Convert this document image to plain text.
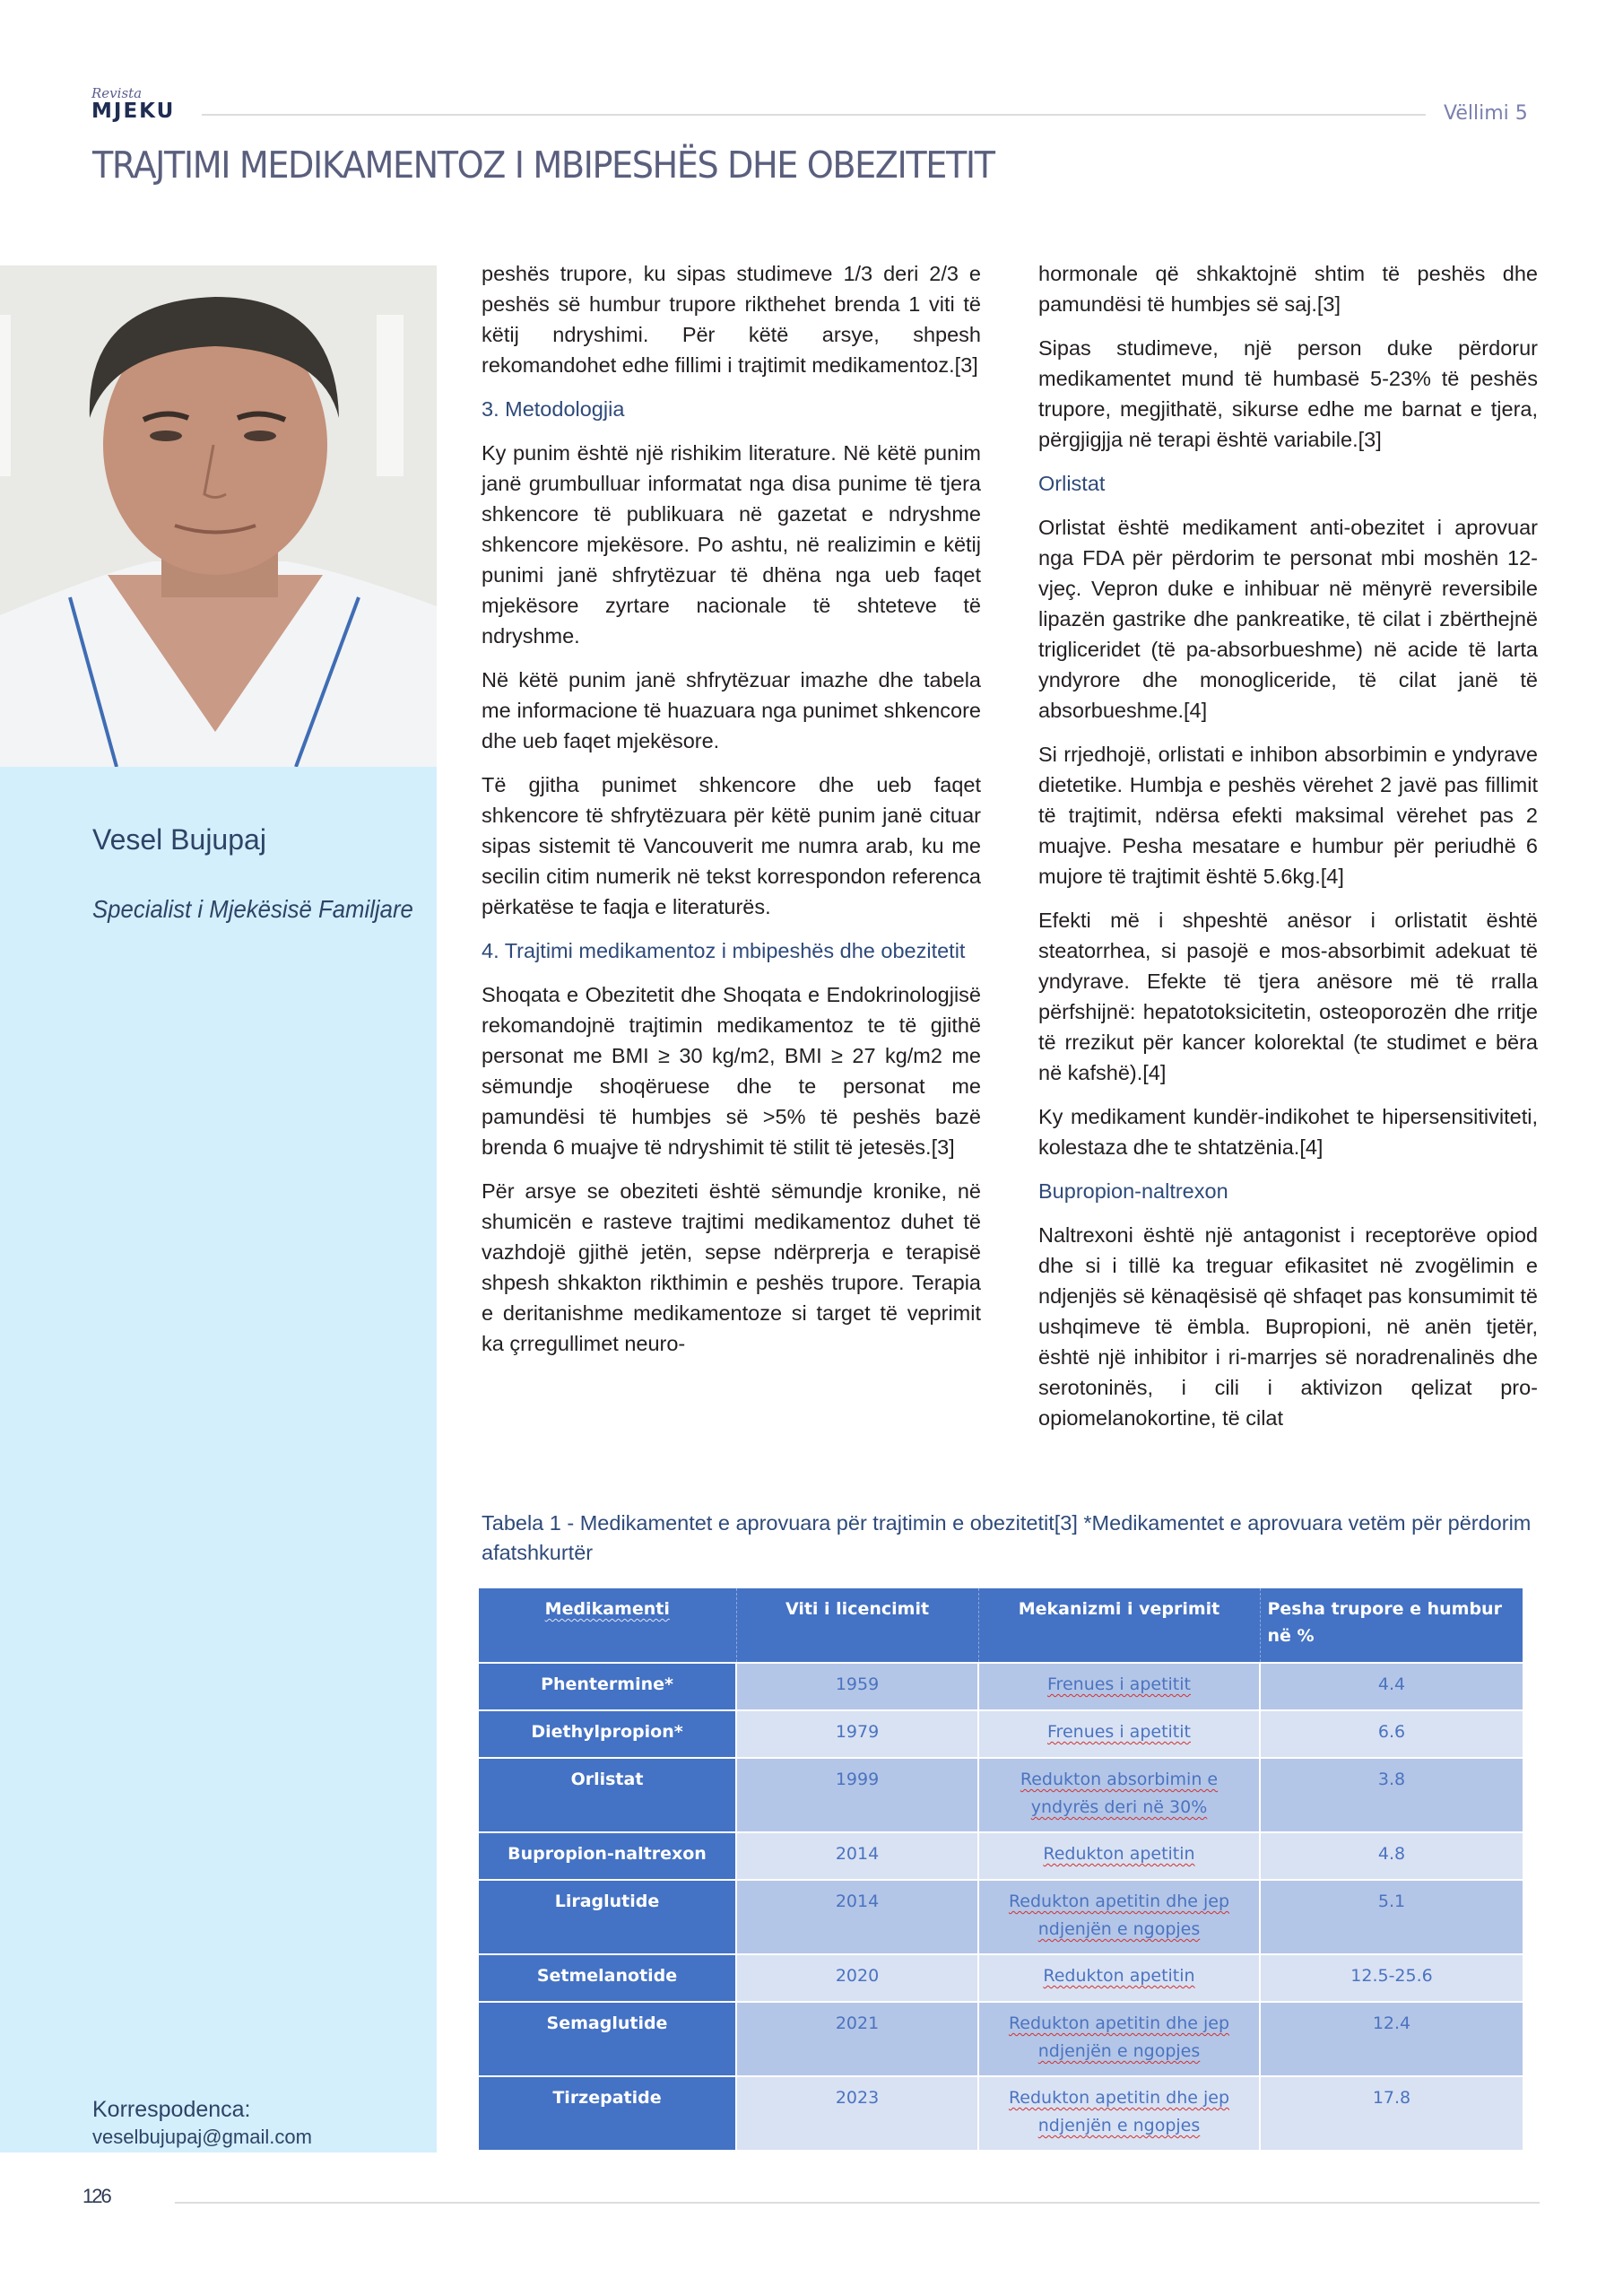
Revista
MJEKU	Vëllimi 5
TRAJTIMI MEDIKAMENTOZ I MBIPESHËS DHE OBEZITETIT
Vesel Bujupaj
Specialist i Mjekësisë Familjare
Korrespodenca:
veselbujupaj@gmail.com

peshës trupore, ku sipas studimeve 1/3 deri 2/3 e peshës së humbur trupore rikthehet brenda 1 viti të këtij ndryshimi. Për këtë arsye, shpesh rekomandohet edhe fillimi i trajtimit medikamentoz.[3]

3. Metodologjia

Ky punim është një rishikim literature. Në këtë punim janë grumbulluar informatat nga disa punime të tjera shkencore të publikuara në gazetat e ndryshme shkencore mjekësore. Po ashtu, në realizimin e këtij punimi janë shfrytëzuar të dhëna nga ueb faqet mjekësore zyrtare nacionale të shteteve të ndryshme.

Në këtë punim janë shfrytëzuar imazhe dhe tabela me informacione të huazuara nga punimet shkencore dhe ueb faqet mjekësore.

Të gjitha punimet shkencore dhe ueb faqet shkencore të shfrytëzuara për këtë punim janë cituar sipas sistemit të Vancouverit me numra arab, ku me secilin citim numerik në tekst korrespondon referenca përkatëse te faqja e literaturës.

4. Trajtimi medikamentoz i mbipeshës dhe obezitetit

Shoqata e Obezitetit dhe Shoqata e Endokrinologjisë rekomandojnë trajtimin medikamentoz te të gjithë personat me BMI ≥ 30 kg/m2, BMI ≥ 27 kg/m2 me sëmundje shoqëruese dhe te personat me pamundësi të humbjes së >5% të peshës bazë brenda 6 muajve të ndryshimit të stilit të jetesës.[3]

Për arsye se obeziteti është sëmundje kronike, në shumicën e rasteve trajtimi medikamentoz duhet të vazhdojë gjithë jetën, sepse ndërprerja e terapisë shpesh shkakton rikthimin e peshës trupore. Terapia e deritanishme medikamentoze si target të veprimit ka çrregullimet neuro-

hormonale që shkaktojnë shtim të peshës dhe pamundësi të humbjes së saj.[3]

Sipas studimeve, një person duke përdorur medikamentet mund të humbasë 5-23% të peshës trupore, megjithatë, sikurse edhe me barnat e tjera, përgjigjja në terapi është variabile.[3]

Orlistat

Orlistat është medikament anti-obezitet i aprovuar nga FDA për përdorim te personat mbi moshën 12-vjeç. Vepron duke e inhibuar në mënyrë reversibile lipazën gastrike dhe pankreatike, të cilat i zbërthejnë trigliceridet (të pa-absorbueshme) në acide të larta yndyrore dhe monogliceride, të cilat janë të absorbueshme.[4]

Si rrjedhojë, orlistati e inhibon absorbimin e yndyrave dietetike. Humbja e peshës vërehet 2 javë pas fillimit të trajtimit, ndërsa efekti maksimal vërehet pas 2 muajve. Pesha mesatare e humbur për periudhë 6 mujore të trajtimit është 5.6kg.[4]

Efekti më i shpeshtë anësor i orlistatit është steatorrhea, si pasojë e mos-absorbimit adekuat të yndyrave. Efekte të tjera anësore më të rralla përfshijnë: hepatotoksicitetin, osteoporozën dhe rritje të rrezikut për kancer kolorektal (te studimet e bëra në kafshë).[4]

Ky medikament kundër-indikohet te hipersensitiviteti, kolestaza dhe te shtatzënia.[4]

Bupropion-naltrexon

Naltrexoni është një antagonist i receptorëve opiod dhe si i tillë ka treguar efikasitet në zvogëlimin e ndjenjës së kënaqësisë që shfaqet pas konsumimit të ushqimeve të ëmbla. Bupropioni, në anën tjetër, është një inhibitor i ri-marrjes së noradrenalinës dhe serotoninës, i cili i aktivizon qelizat pro-opiomelanokortine, të cilat

Tabela 1 - Medikamentet e aprovuara për trajtimin e obezitetit[3] *Medikamentet e aprovuara vetëm për përdorim afatshkurtër
Medikamenti	Viti i licencimit	Mekanizmi i veprimit	Pesha trupore e humbur në %
Phentermine*	1959	Frenues i apetitit	4.4
Diethylpropion*	1979	Frenues i apetitit	6.6
Orlistat	1999	Redukton absorbimin e yndyrës deri në 30%	3.8
Bupropion-naltrexon	2014	Redukton apetitin	4.8
Liraglutide	2014	Redukton apetitin dhe jep ndjenjën e ngopjes	5.1
Setmelanotide	2020	Redukton apetitin	12.5-25.6
Semaglutide	2021	Redukton apetitin dhe jep ndjenjën e ngopjes	12.4
Tirzepatide	2023	Redukton apetitin dhe jep ndjenjën e ngopjes	17.8
126
